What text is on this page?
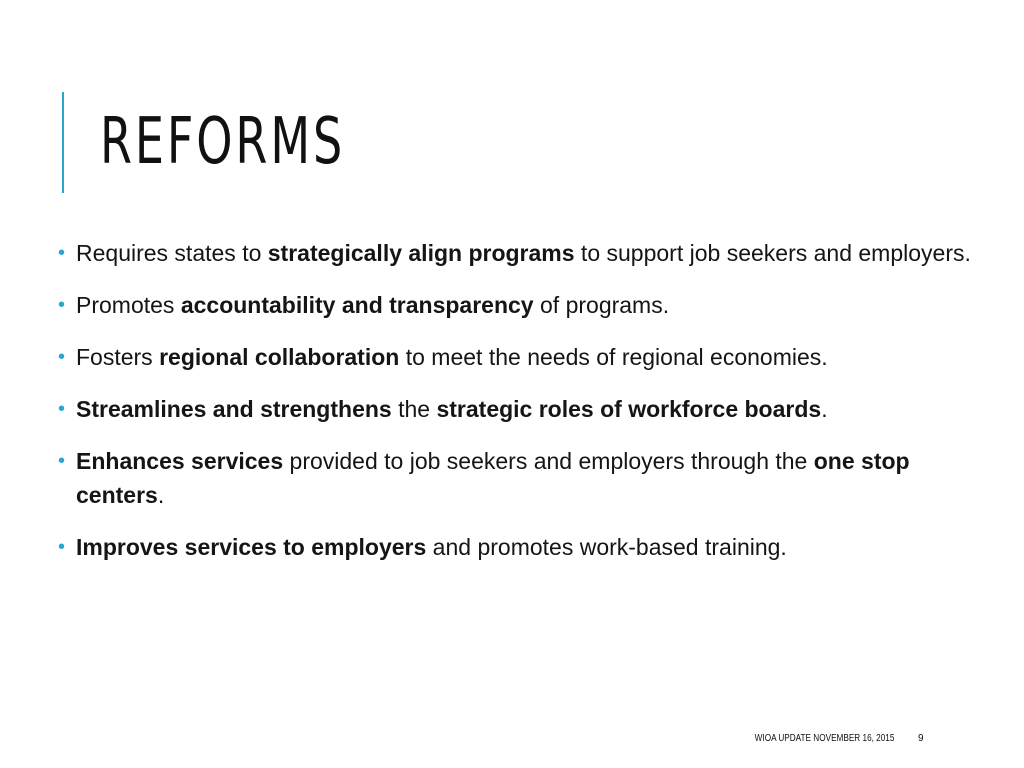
REFORMS
• Requires states to strategically align programs to support job seekers and employers.
• Promotes accountability and transparency of programs.
• Fosters regional collaboration to meet the needs of regional economies.
• Streamlines and strengthens the strategic roles of workforce boards.
• Enhances services provided to job seekers and employers through the one stop centers.
• Improves services to employers and promotes work-based training.
WIOA UPDATE NOVEMBER 16, 2015 9
